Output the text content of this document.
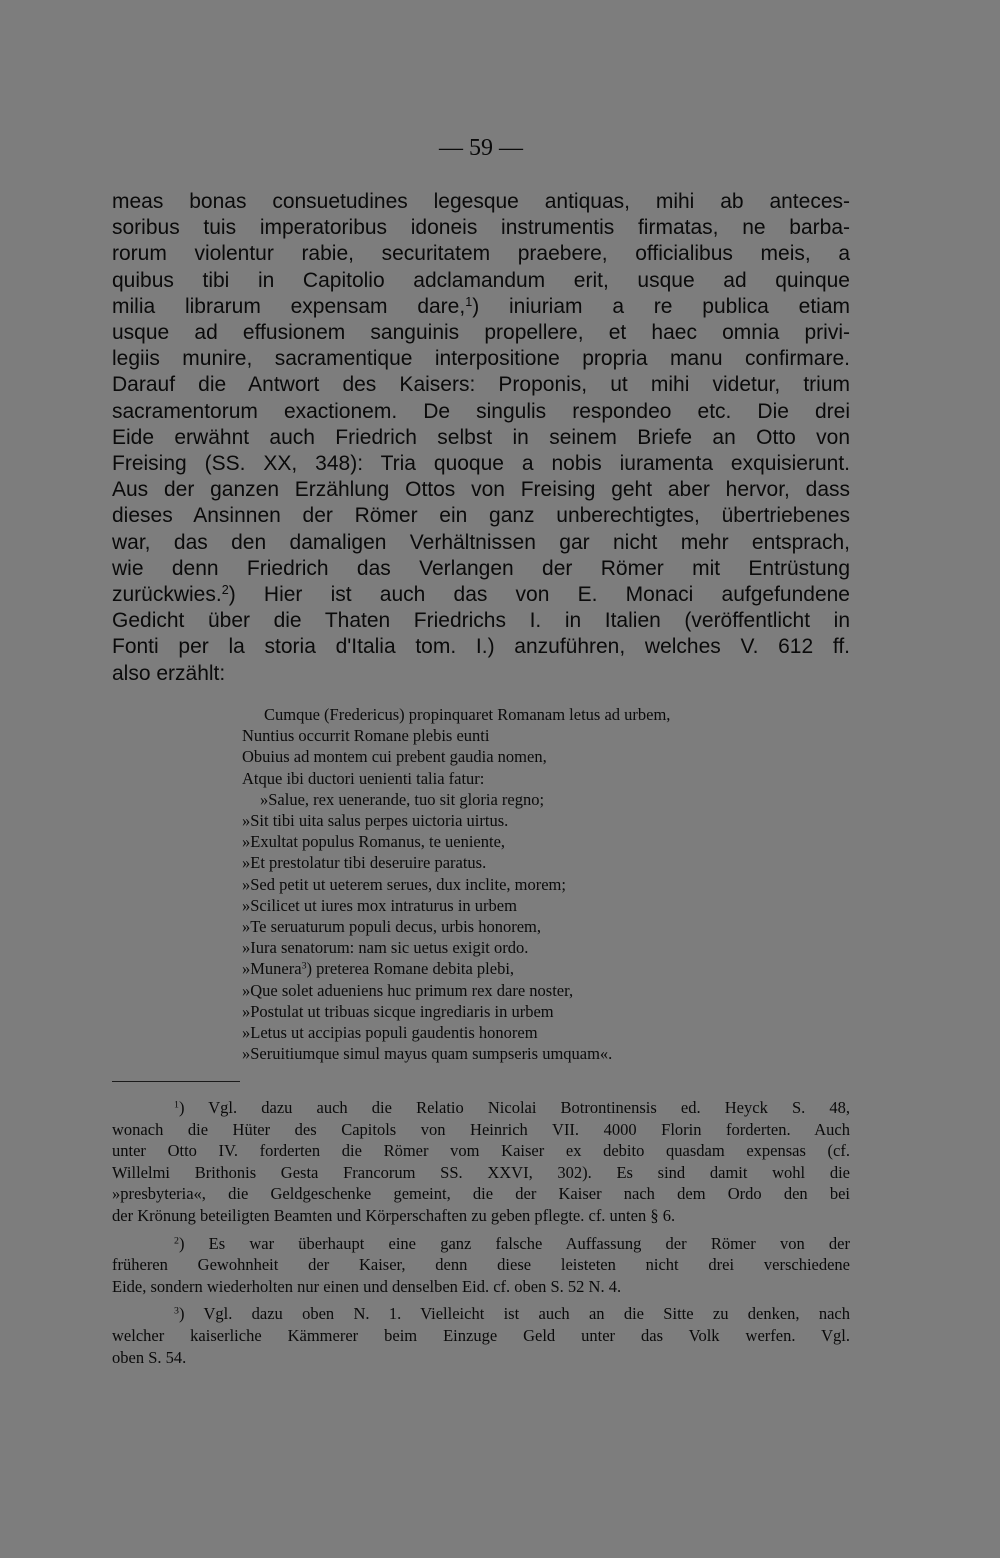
— 59 —
meas bonas consuetudines legesque antiquas, mihi ab anteces-
soribus tuis imperatoribus idoneis instrumentis firmatas, ne barba-
rorum violentur rabie, securitatem praebere, officialibus meis, a
quibus tibi in Capitolio adclamandum erit, usque ad quinque
milia librarum expensam dare,$^1$) iniuriam a re publica etiam
usque ad effusionem sanguinis propellere, et haec omnia privi-
legiis munire, sacramentique interpositione propria manu confirmare.
Darauf die Antwort des Kaisers: Proponis, ut mihi videtur, trium
sacramentorum exactionem. De singulis respondeo etc. Die drei
Eide erwähnt auch Friedrich selbst in seinem Briefe an Otto von
Freising (SS. XX, 348): Tria quoque a nobis iuramenta exquisierunt.
Aus der ganzen Erzählung Ottos von Freising geht aber hervor, dass
dieses Ansinnen der Römer ein ganz unberechtigtes, übertriebenes
war, das den damaligen Verhältnissen gar nicht mehr entsprach,
wie denn Friedrich das Verlangen der Römer mit Entrüstung
zurückwies.$^2$) Hier ist auch das von E. Monaci aufgefundene
Gedicht über die Thaten Friedrichs I. in Italien (veröffentlicht in
Fonti per la storia d'Italia tom. I.) anzuführen, welches V. 612 ff.
also erzählt:
Cumque (Fredericus) propinquaret Romanam letus ad urbem,
Nuntius occurrit Romane plebis eunti
Obuius ad montem cui prebent gaudia nomen,
Atque ibi ductori uenienti talia fatur:
»Salue, rex uenerande, tuo sit gloria regno;
»Sit tibi uita salus perpes uictoria uirtus.
»Exultat populus Romanus, te ueniente,
»Et prestolatur tibi deseruire paratus.
»Sed petit ut ueterem serues, dux inclite, morem;
»Scilicet ut iures mox intraturus in urbem
»Te seruaturum populi decus, urbis honorem,
»Iura senatorum: nam sic uetus exigit ordo.
»Munera$^3$) preterea Romane debita plebi,
»Que solet adueniens huc primum rex dare noster,
»Postulat ut tribuas sicque ingrediaris in urbem
»Letus ut accipias populi gaudentis honorem
»Seruitiumque simul mayus quam sumpseris umquam«.
$^1$) Vgl. dazu auch die Relatio Nicolai Botrontinensis ed. Heyck S. 48,
wonach die Hüter des Capitols von Heinrich VII. 4000 Florin forderten. Auch
unter Otto IV. forderten die Römer vom Kaiser ex debito quasdam expensas (cf.
Willelmi Brithonis Gesta Francorum SS. XXVI, 302). Es sind damit wohl die
»presbyteria«, die Geldgeschenke gemeint, die der Kaiser nach dem Ordo den bei
der Krönung beteiligten Beamten und Körperschaften zu geben pflegte. cf. unten § 6.
$^2$) Es war überhaupt eine ganz falsche Auffassung der Römer von der
früheren Gewohnheit der Kaiser, denn diese leisteten nicht drei verschiedene
Eide, sondern wiederholten nur einen und denselben Eid. cf. oben S. 52 N. 4.
$^3$) Vgl. dazu oben N. 1. Vielleicht ist auch an die Sitte zu denken, nach
welcher kaiserliche Kämmerer beim Einzuge Geld unter das Volk werfen. Vgl.
oben S. 54.
